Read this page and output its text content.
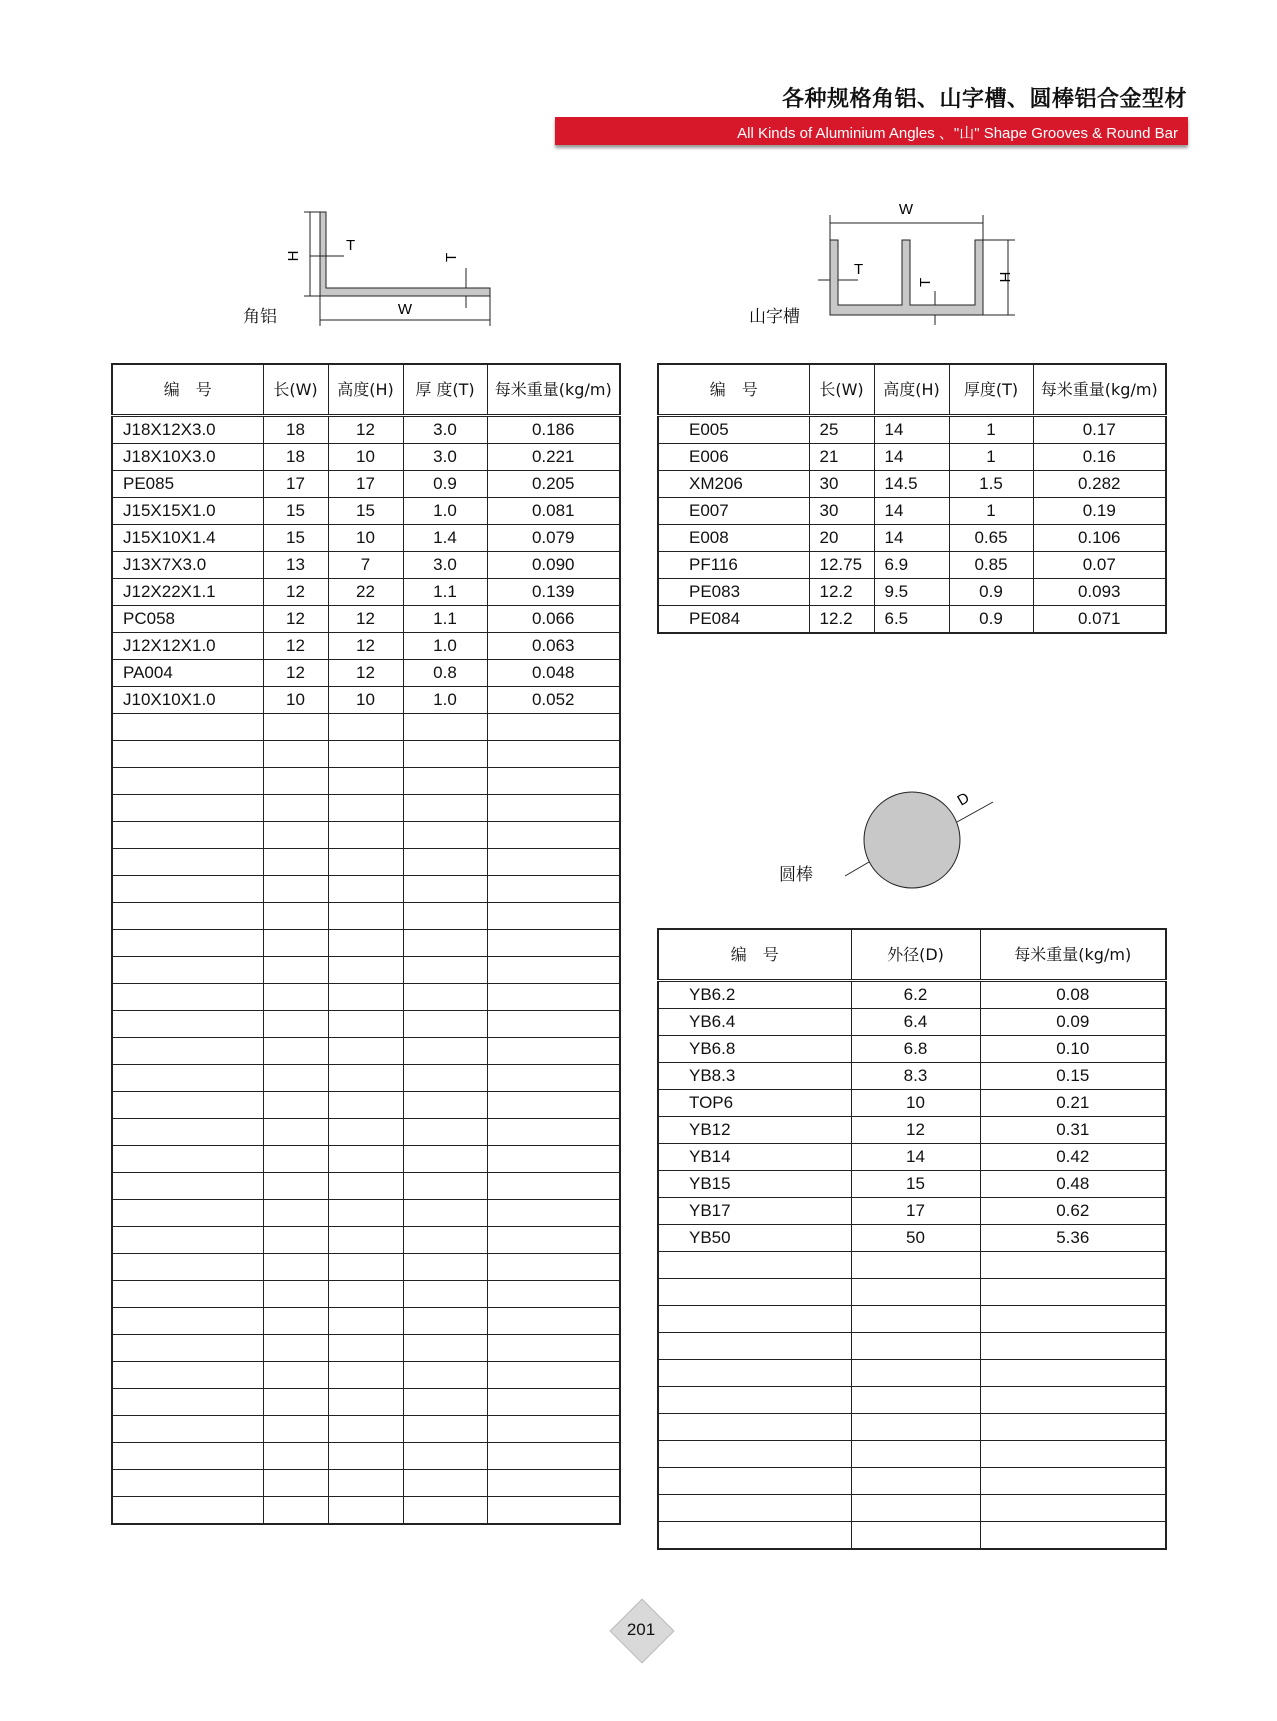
各种规格角铝、山字槽、圆棒铝合金型材
All Kinds of Aluminium Angles 、"山" Shape Grooves & Round Bar
H
T
T
W
角铝
W
T
T	H
山字槽
D
圆棒
编　号	长(W)	高度(H)	厚 度(T)	每米重量(kg/m)
J18X12X3.0	18	12	3.0	0.186
J18X10X3.0	18	10	3.0	0.221
PE085	17	17	0.9	0.205
J15X15X1.0	15	15	1.0	0.081
J15X10X1.4	15	10	1.4	0.079
J13X7X3.0	13	7	3.0	0.090
J12X22X1.1	12	22	1.1	0.139
PC058	12	12	1.1	0.066
J12X12X1.0	12	12	1.0	0.063
PA004	12	12	0.8	0.048
J10X10X1.0	10	10	1.0	0.052

编　号	长(W)	高度(H)	厚度(T)	每米重量(kg/m)
E005	25	14	1	0.17
E006	21	14	1	0.16
XM206	30	14.5	1.5	0.282
E007	30	14	1	0.19
E008	20	14	0.65	0.106
PF116	12.75	6.9	0.85	0.07
PE083	12.2	9.5	0.9	0.093
PE084	12.2	6.5	0.9	0.071
编　号	外径(D)	每米重量(kg/m)
YB6.2	6.2	0.08
YB6.4	6.4	0.09
YB6.8	6.8	0.10
YB8.3	8.3	0.15
TOP6	10	0.21
YB12	12	0.31
YB14	14	0.42
YB15	15	0.48
YB17	17	0.62
YB50	50	5.36

201
